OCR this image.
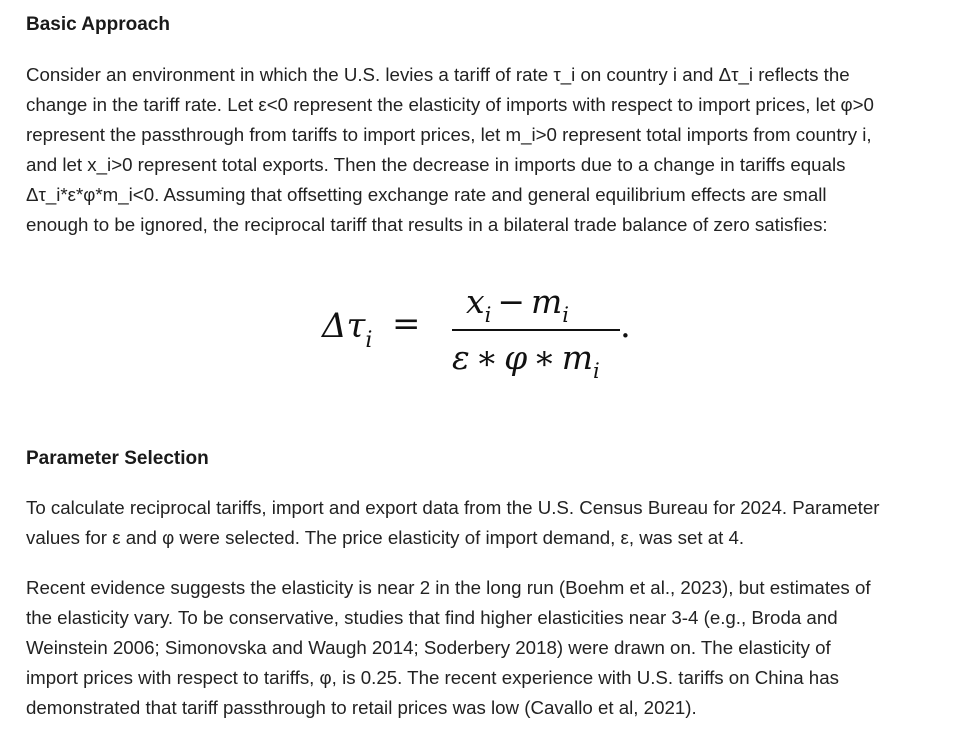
Basic Approach

Consider an environment in which the U.S. levies a tariff of rate τ_i on country i and Δτ_i reflects the
change in the tariff rate. Let ε<0 represent the elasticity of imports with respect to import prices, let φ>0
represent the passthrough from tariffs to import prices, let m_i>0 represent total imports from country i,
and let x_i>0 represent total exports. Then the decrease in imports due to a change in tariffs equals
Δτ_i*ε*φ*m_i<0. Assuming that offsetting exchange rate and general equilibrium effects are small
enough to be ignored, the reciprocal tariff that results in a bilateral trade balance of zero satisfies:

$\Delta\tau_i$ =
$x_i - m_i$
ε ∗ φ ∗ $m_i$
.
Parameter Selection

To calculate reciprocal tariffs, import and export data from the U.S. Census Bureau for 2024. Parameter
values for ε and φ were selected. The price elasticity of import demand, ε, was set at 4.

Recent evidence suggests the elasticity is near 2 in the long run (Boehm et al., 2023), but estimates of
the elasticity vary. To be conservative, studies that find higher elasticities near 3-4 (e.g., Broda and
Weinstein 2006; Simonovska and Waugh 2014; Soderbery 2018) were drawn on. The elasticity of
import prices with respect to tariffs, φ, is 0.25. The recent experience with U.S. tariffs on China has
demonstrated that tariff passthrough to retail prices was low (Cavallo et al, 2021).
